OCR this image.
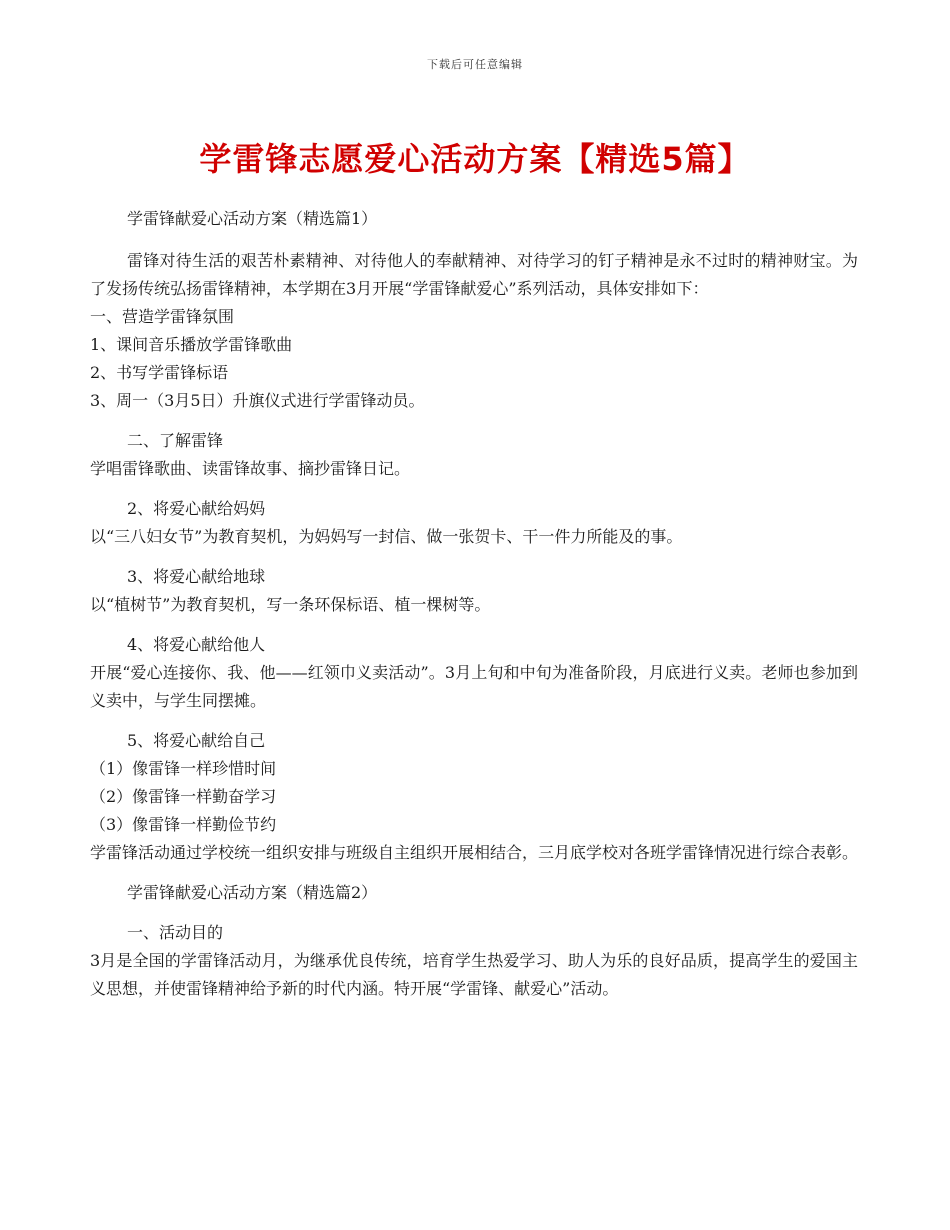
下载后可任意编辑
学雷锋志愿爱心活动方案【精选5篇】

学雷锋献爱心活动方案（精选篇1）

雷锋对待生活的艰苦朴素精神、对待他人的奉献精神、对待学习的钉子精神是永不过时的精神财宝。为了发扬传统弘扬雷锋精神，本学期在3月开展“学雷锋献爱心”系列活动，具体安排如下：

一、营造学雷锋氛围

1、课间音乐播放学雷锋歌曲

2、书写学雷锋标语

3、周一（3月5日）升旗仪式进行学雷锋动员。

二、了解雷锋

学唱雷锋歌曲、读雷锋故事、摘抄雷锋日记。

2、将爱心献给妈妈

以“三八妇女节”为教育契机，为妈妈写一封信、做一张贺卡、干一件力所能及的事。

3、将爱心献给地球

以“植树节”为教育契机，写一条环保标语、植一棵树等。

4、将爱心献给他人

开展“爱心连接你、我、他——红领巾义卖活动”。3月上旬和中旬为准备阶段，月底进行义卖。老师也参加到义卖中，与学生同摆摊。

5、将爱心献给自己

（1）像雷锋一样珍惜时间

（2）像雷锋一样勤奋学习

（3）像雷锋一样勤俭节约

学雷锋活动通过学校统一组织安排与班级自主组织开展相结合，三月底学校对各班学雷锋情况进行综合表彰。

学雷锋献爱心活动方案（精选篇2）

一、活动目的

3月是全国的学雷锋活动月，为继承优良传统，培育学生热爱学习、助人为乐的良好品质，提高学生的爱国主义思想，并使雷锋精神给予新的时代内涵。特开展“学雷锋、献爱心”活动。
